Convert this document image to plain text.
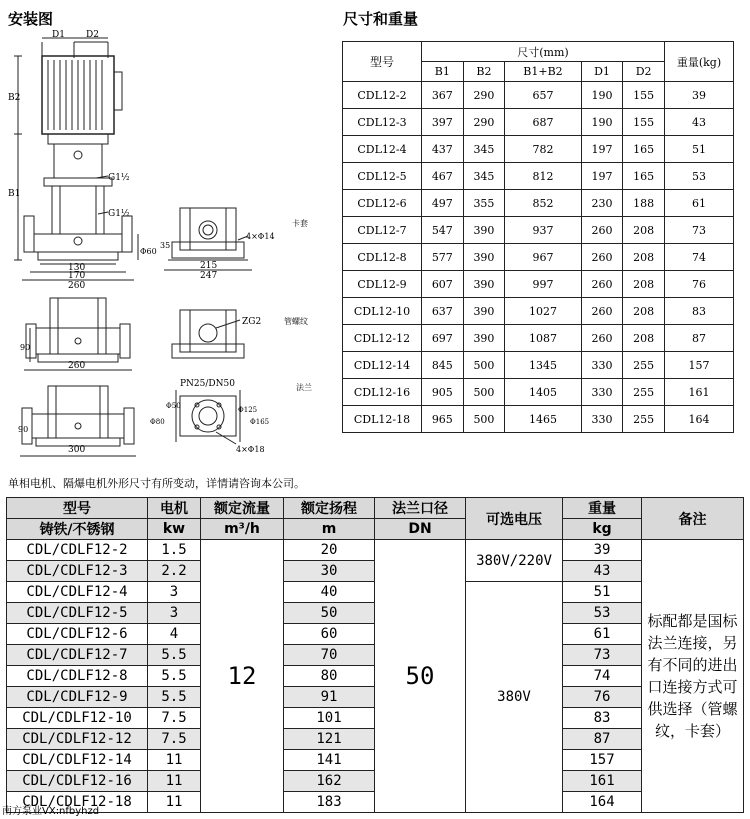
安装图	尺寸和重量
D1 D2
B2
B1
G1½
G1½
Φ60
130
170
260
35
4×Φ14
215
247
卡套
90
260
ZG2	管螺纹
90
300
PN25/DN50	法兰
Φ80
Φ50	Φ125
Φ165
4×Φ18
型号	尺寸(mm)					重量(kg)
	B1	B2	B1+B2	D1	D2	
CDL12-2	367	290	657	190	155	39
CDL12-3	397	290	687	190	155	43
CDL12-4	437	345	782	197	165	51
CDL12-5	467	345	812	197	165	53
CDL12-6	497	355	852	230	188	61
CDL12-7	547	390	937	260	208	73
CDL12-8	577	390	967	260	208	74
CDL12-9	607	390	997	260	208	76
CDL12-10	637	390	1027	260	208	83
CDL12-12	697	390	1087	260	208	87
CDL12-14	845	500	1345	330	255	157
CDL12-16	905	500	1405	330	255	161
CDL12-18	965	500	1465	330	255	164
单相电机、隔爆电机外形尺寸有所变动，详情请咨询本公司。
型号	电机	额定流量	额定扬程	法兰口径	可选电压	重量	备注
铸铁/不锈钢	kw	m³/h	m	DN		kg	
CDL/CDLF12-2	1.5	12	20	50	380V/220V	39	标配都是国标法兰连接，另有不同的进出口连接方式可供选择（管螺纹，卡套）
CDL/CDLF12-3	2.2		30			43	
CDL/CDLF12-4	3		40		380V	51	
CDL/CDLF12-5	3		50			53	
CDL/CDLF12-6	4		60			61	
CDL/CDLF12-7	5.5		70			73	
CDL/CDLF12-8	5.5		80			74	
CDL/CDLF12-9	5.5		91			76	
CDL/CDLF12-10	7.5		101			83	
CDL/CDLF12-12	7.5		121			87	
CDL/CDLF12-14	11		141			157	
CDL/CDLF12-16	11		162			161	
CDL/CDLF12-18	11		183			164	
南方泵业VX:nfbyhzd
